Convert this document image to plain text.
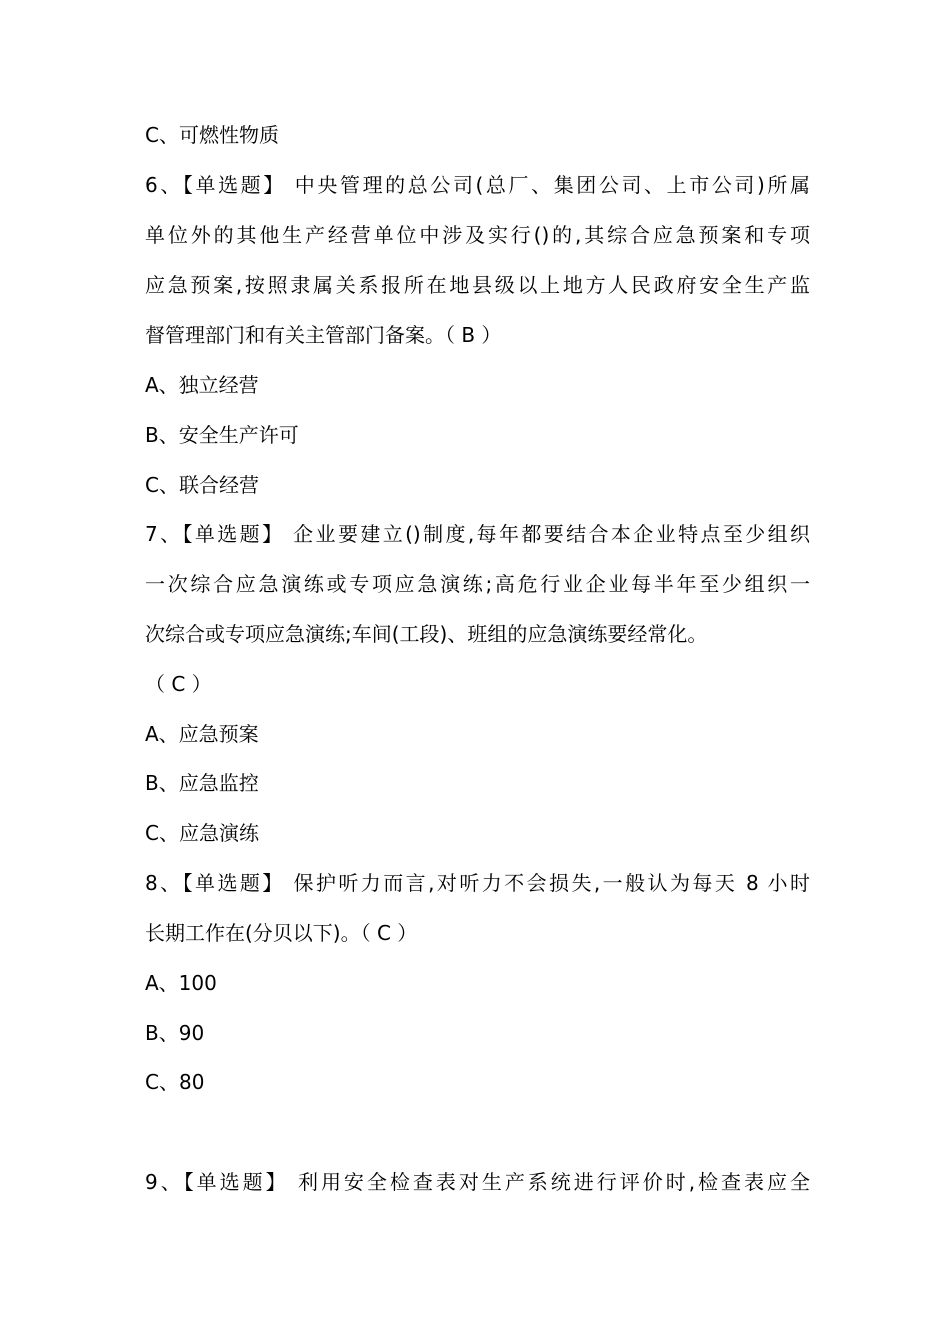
C、可燃性物质
6、【单选题】 中央管理的总公司(总厂、集团公司、上市公司)所属
单位外的其他生产经营单位中涉及实行()的,其综合应急预案和专项
应急预案,按照隶属关系报所在地县级以上地方人民政府安全生产监
督管理部门和有关主管部门备案。（ B ）
A、独立经营
B、安全生产许可
C、联合经营
7、【单选题】 企业要建立()制度,每年都要结合本企业特点至少组织
一次综合应急演练或专项应急演练;高危行业企业每半年至少组织一
次综合或专项应急演练;车间(工段)、班组的应急演练要经常化。
（ C ）
A、应急预案
B、应急监控
C、应急演练
8、【单选题】 保护听力而言,对听力不会损失,一般认为每天 8 小时
长期工作在(分贝以下)。（ C ）
A、100
B、90
C、80
9、【单选题】 利用安全检查表对生产系统进行评价时,检查表应全
